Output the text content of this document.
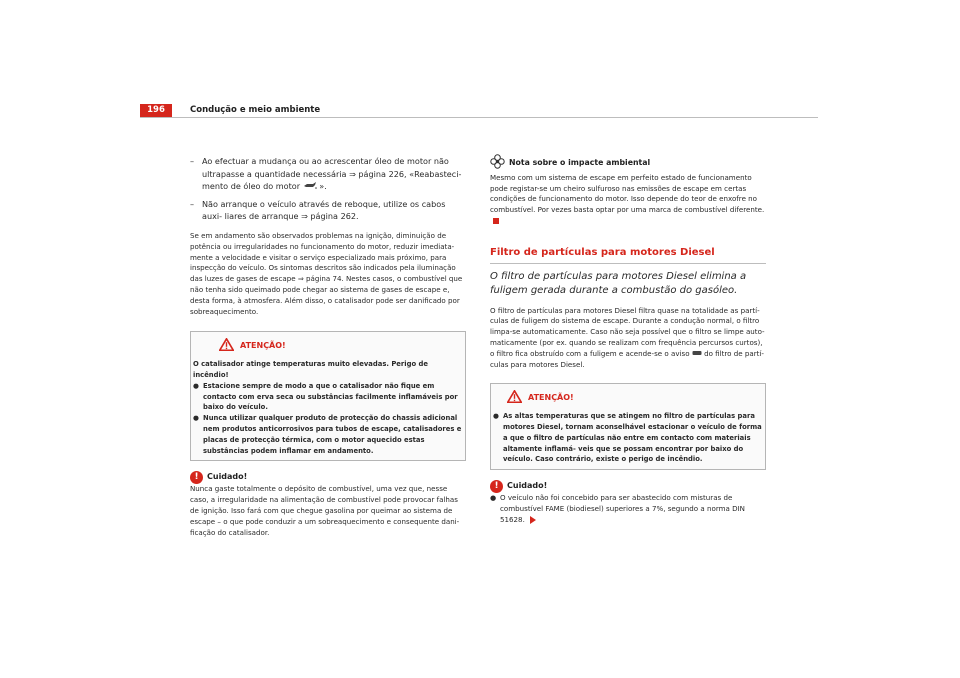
196	Condução e meio ambiente
– Ao efectuar a mudança ou ao acrescentar óleo de motor não ultrapasse a quantidade necessária ⇒ página 226, «Reabasteci- mento de óleo do motor ».
– Não arranque o veículo através de reboque, utilize os cabos auxi- liares de arranque ⇒ página 262.

Se em andamento são observados problemas na ignição, diminuição de potência ou irregularidades no funcionamento do motor, reduzir imediata- mente a velocidade e visitar o serviço especializado mais próximo, para inspecção do veículo. Os sintomas descritos são indicados pela iluminação das luzes de gases de escape ⇒ página 74. Nestes casos, o combustível que não tenha sido queimado pode chegar ao sistema de gases de escape e, desta forma, à atmosfera. Além disso, o catalisador pode ser danificado por sobreaquecimento.

ATENÇÃO!

O catalisador atinge temperaturas muito elevadas. Perigo de incêndio!

● Estacione sempre de modo a que o catalisador não fique em contacto com erva seca ou substâncias facilmente inflamáveis por baixo do veículo.

● Nunca utilizar qualquer produto de protecção do chassis adicional nem produtos anticorrosivos para tubos de escape, catalisadores e placas de protecção térmica, com o motor aquecido estas substâncias podem inflamar em andamento.

!	Cuidado!

Nunca gaste totalmente o depósito de combustível, uma vez que, nesse caso, a irregularidade na alimentação de combustível pode provocar falhas de ignição. Isso fará com que chegue gasolina por queimar ao sistema de escape – o que pode conduzir a um sobreaquecimento e consequente dani- ficação do catalisador.

Nota sobre o impacte ambiental

Mesmo com um sistema de escape em perfeito estado de funcionamento pode registar-se um cheiro sulfuroso nas emissões de escape em certas condições de funcionamento do motor. Isso depende do teor de enxofre no combustível. Por vezes basta optar por uma marca de combustível diferente.

Filtro de partículas para motores Diesel
O filtro de partículas para motores Diesel elimina a fuligem gerada durante a combustão do gasóleo.

O filtro de partículas para motores Diesel filtra quase na totalidade as partí- culas de fuligem do sistema de escape. Durante a condução normal, o filtro limpa-se automaticamente. Caso não seja possível que o filtro se limpe auto- maticamente (por ex. quando se realizam com frequência percursos curtos), o filtro fica obstruído com a fuligem e acende-se o aviso do filtro de partí- culas para motores Diesel.

ATENÇÃO!

● As altas temperaturas que se atingem no filtro de partículas para motores Diesel, tornam aconselhável estacionar o veículo de forma a que o filtro de partículas não entre em contacto com materiais altamente inflamá- veis que se possam encontrar por baixo do veículo. Caso contrário, existe o perigo de incêndio.

!	Cuidado!

● O veículo não foi concebido para ser abastecido com misturas de combustível FAME (biodiesel) superiores a 7%, segundo a norma DIN 51628.
